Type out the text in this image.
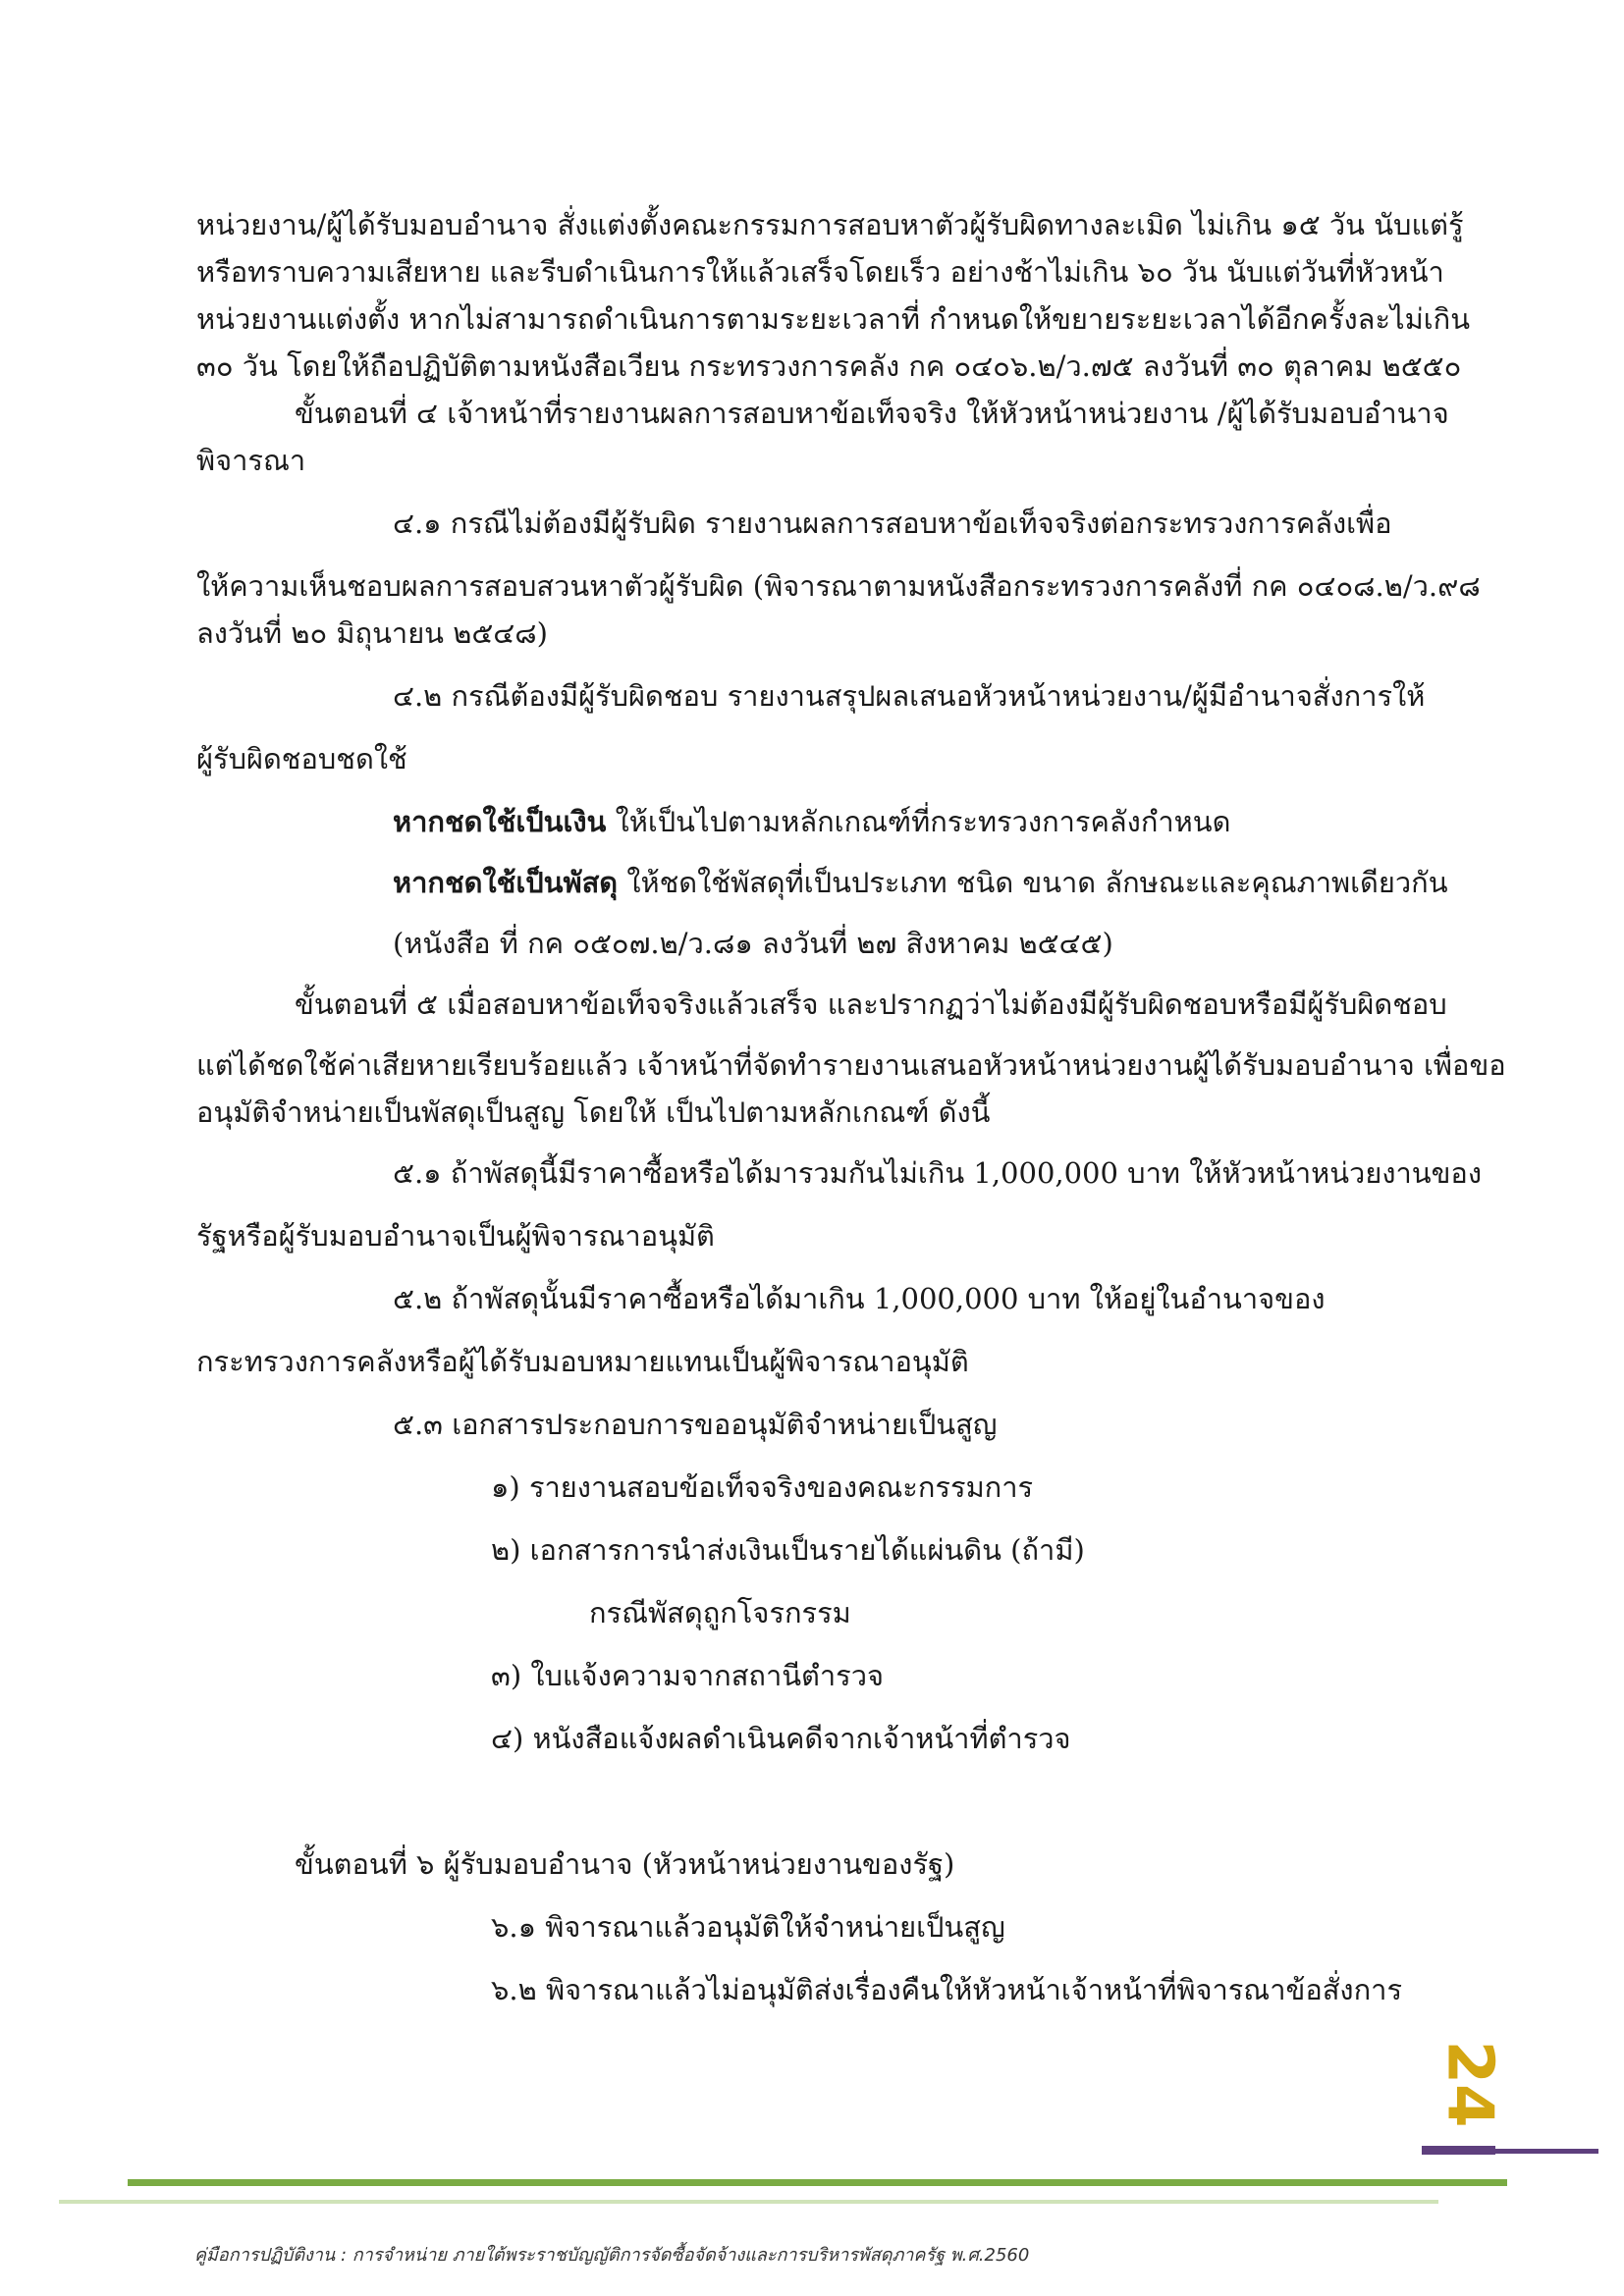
หน่วยงาน/ผู้ได้รับมอบอำนาจ สั่งแต่งตั้งคณะกรรมการสอบหาตัวผู้รับผิดทางละเมิด ไม่เกิน ๑๕ วัน นับแต่รู้

หรือทราบความเสียหาย และรีบดำเนินการให้แล้วเสร็จโดยเร็ว อย่างช้าไม่เกิน ๖๐ วัน นับแต่วันที่หัวหน้า

หน่วยงานแต่งตั้ง หากไม่สามารถดำเนินการตามระยะเวลาที่ กำหนดให้ขยายระยะเวลาได้อีกครั้งละไม่เกิน

๓๐ วัน โดยให้ถือปฏิบัติตามหนังสือเวียน กระทรวงการคลัง กค ๐๔๐๖.๒/ว.๗๕ ลงวันที่ ๓๐ ตุลาคม ๒๕๕๐

ขั้นตอนที่ ๔ เจ้าหน้าที่รายงานผลการสอบหาข้อเท็จจริง ให้หัวหน้าหน่วยงาน /ผู้ได้รับมอบอำนาจ

พิจารณา

๔.๑ กรณีไม่ต้องมีผู้รับผิด รายงานผลการสอบหาข้อเท็จจริงต่อกระทรวงการคลังเพื่อ

ให้ความเห็นชอบผลการสอบสวนหาตัวผู้รับผิด (พิจารณาตามหนังสือกระทรวงการคลังที่ กค ๐๔๐๘.๒/ว.๙๘

ลงวันที่ ๒๐ มิถุนายน ๒๕๔๘)

๔.๒ กรณีต้องมีผู้รับผิดชอบ รายงานสรุปผลเสนอหัวหน้าหน่วยงาน/ผู้มีอำนาจสั่งการให้

ผู้รับผิดชอบชดใช้

หากชดใช้เป็นเงิน ให้เป็นไปตามหลักเกณฑ์ที่กระทรวงการคลังกำหนด

หากชดใช้เป็นพัสดุ ให้ชดใช้พัสดุที่เป็นประเภท ชนิด ขนาด ลักษณะและคุณภาพเดียวกัน

(หนังสือ ที่ กค ๐๕๐๗.๒/ว.๘๑ ลงวันที่ ๒๗ สิงหาคม ๒๕๔๕)

ขั้นตอนที่ ๕ เมื่อสอบหาข้อเท็จจริงแล้วเสร็จ และปรากฏว่าไม่ต้องมีผู้รับผิดชอบหรือมีผู้รับผิดชอบ

แต่ได้ชดใช้ค่าเสียหายเรียบร้อยแล้ว เจ้าหน้าที่จัดทำรายงานเสนอหัวหน้าหน่วยงานผู้ได้รับมอบอำนาจ เพื่อขอ

อนุมัติจำหน่ายเป็นพัสดุเป็นสูญ โดยให้ เป็นไปตามหลักเกณฑ์ ดังนี้

๕.๑ ถ้าพัสดุนี้มีราคาซื้อหรือได้มารวมกันไม่เกิน 1,000,000 บาท ให้หัวหน้าหน่วยงานของ

รัฐหรือผู้รับมอบอำนาจเป็นผู้พิจารณาอนุมัติ

๕.๒ ถ้าพัสดุนั้นมีราคาซื้อหรือได้มาเกิน 1,000,000 บาท ให้อยู่ในอำนาจของ

กระทรวงการคลังหรือผู้ได้รับมอบหมายแทนเป็นผู้พิจารณาอนุมัติ

๕.๓ เอกสารประกอบการขออนุมัติจำหน่ายเป็นสูญ

๑) รายงานสอบข้อเท็จจริงของคณะกรรมการ

๒) เอกสารการนำส่งเงินเป็นรายได้แผ่นดิน (ถ้ามี)

กรณีพัสดุถูกโจรกรรม

๓) ใบแจ้งความจากสถานีตำรวจ

๔) หนังสือแจ้งผลดำเนินคดีจากเจ้าหน้าที่ตำรวจ

ขั้นตอนที่ ๖ ผู้รับมอบอำนาจ (หัวหน้าหน่วยงานของรัฐ)

๖.๑ พิจารณาแล้วอนุมัติให้จำหน่ายเป็นสูญ

๖.๒ พิจารณาแล้วไม่อนุมัติส่งเรื่องคืนให้หัวหน้าเจ้าหน้าที่พิจารณาข้อสั่งการ

24
คู่มือการปฏิบัติงาน : การจำหน่าย ภายใต้พระราชบัญญัติการจัดซื้อจัดจ้างและการบริหารพัสดุภาครัฐ พ.ศ.2560
